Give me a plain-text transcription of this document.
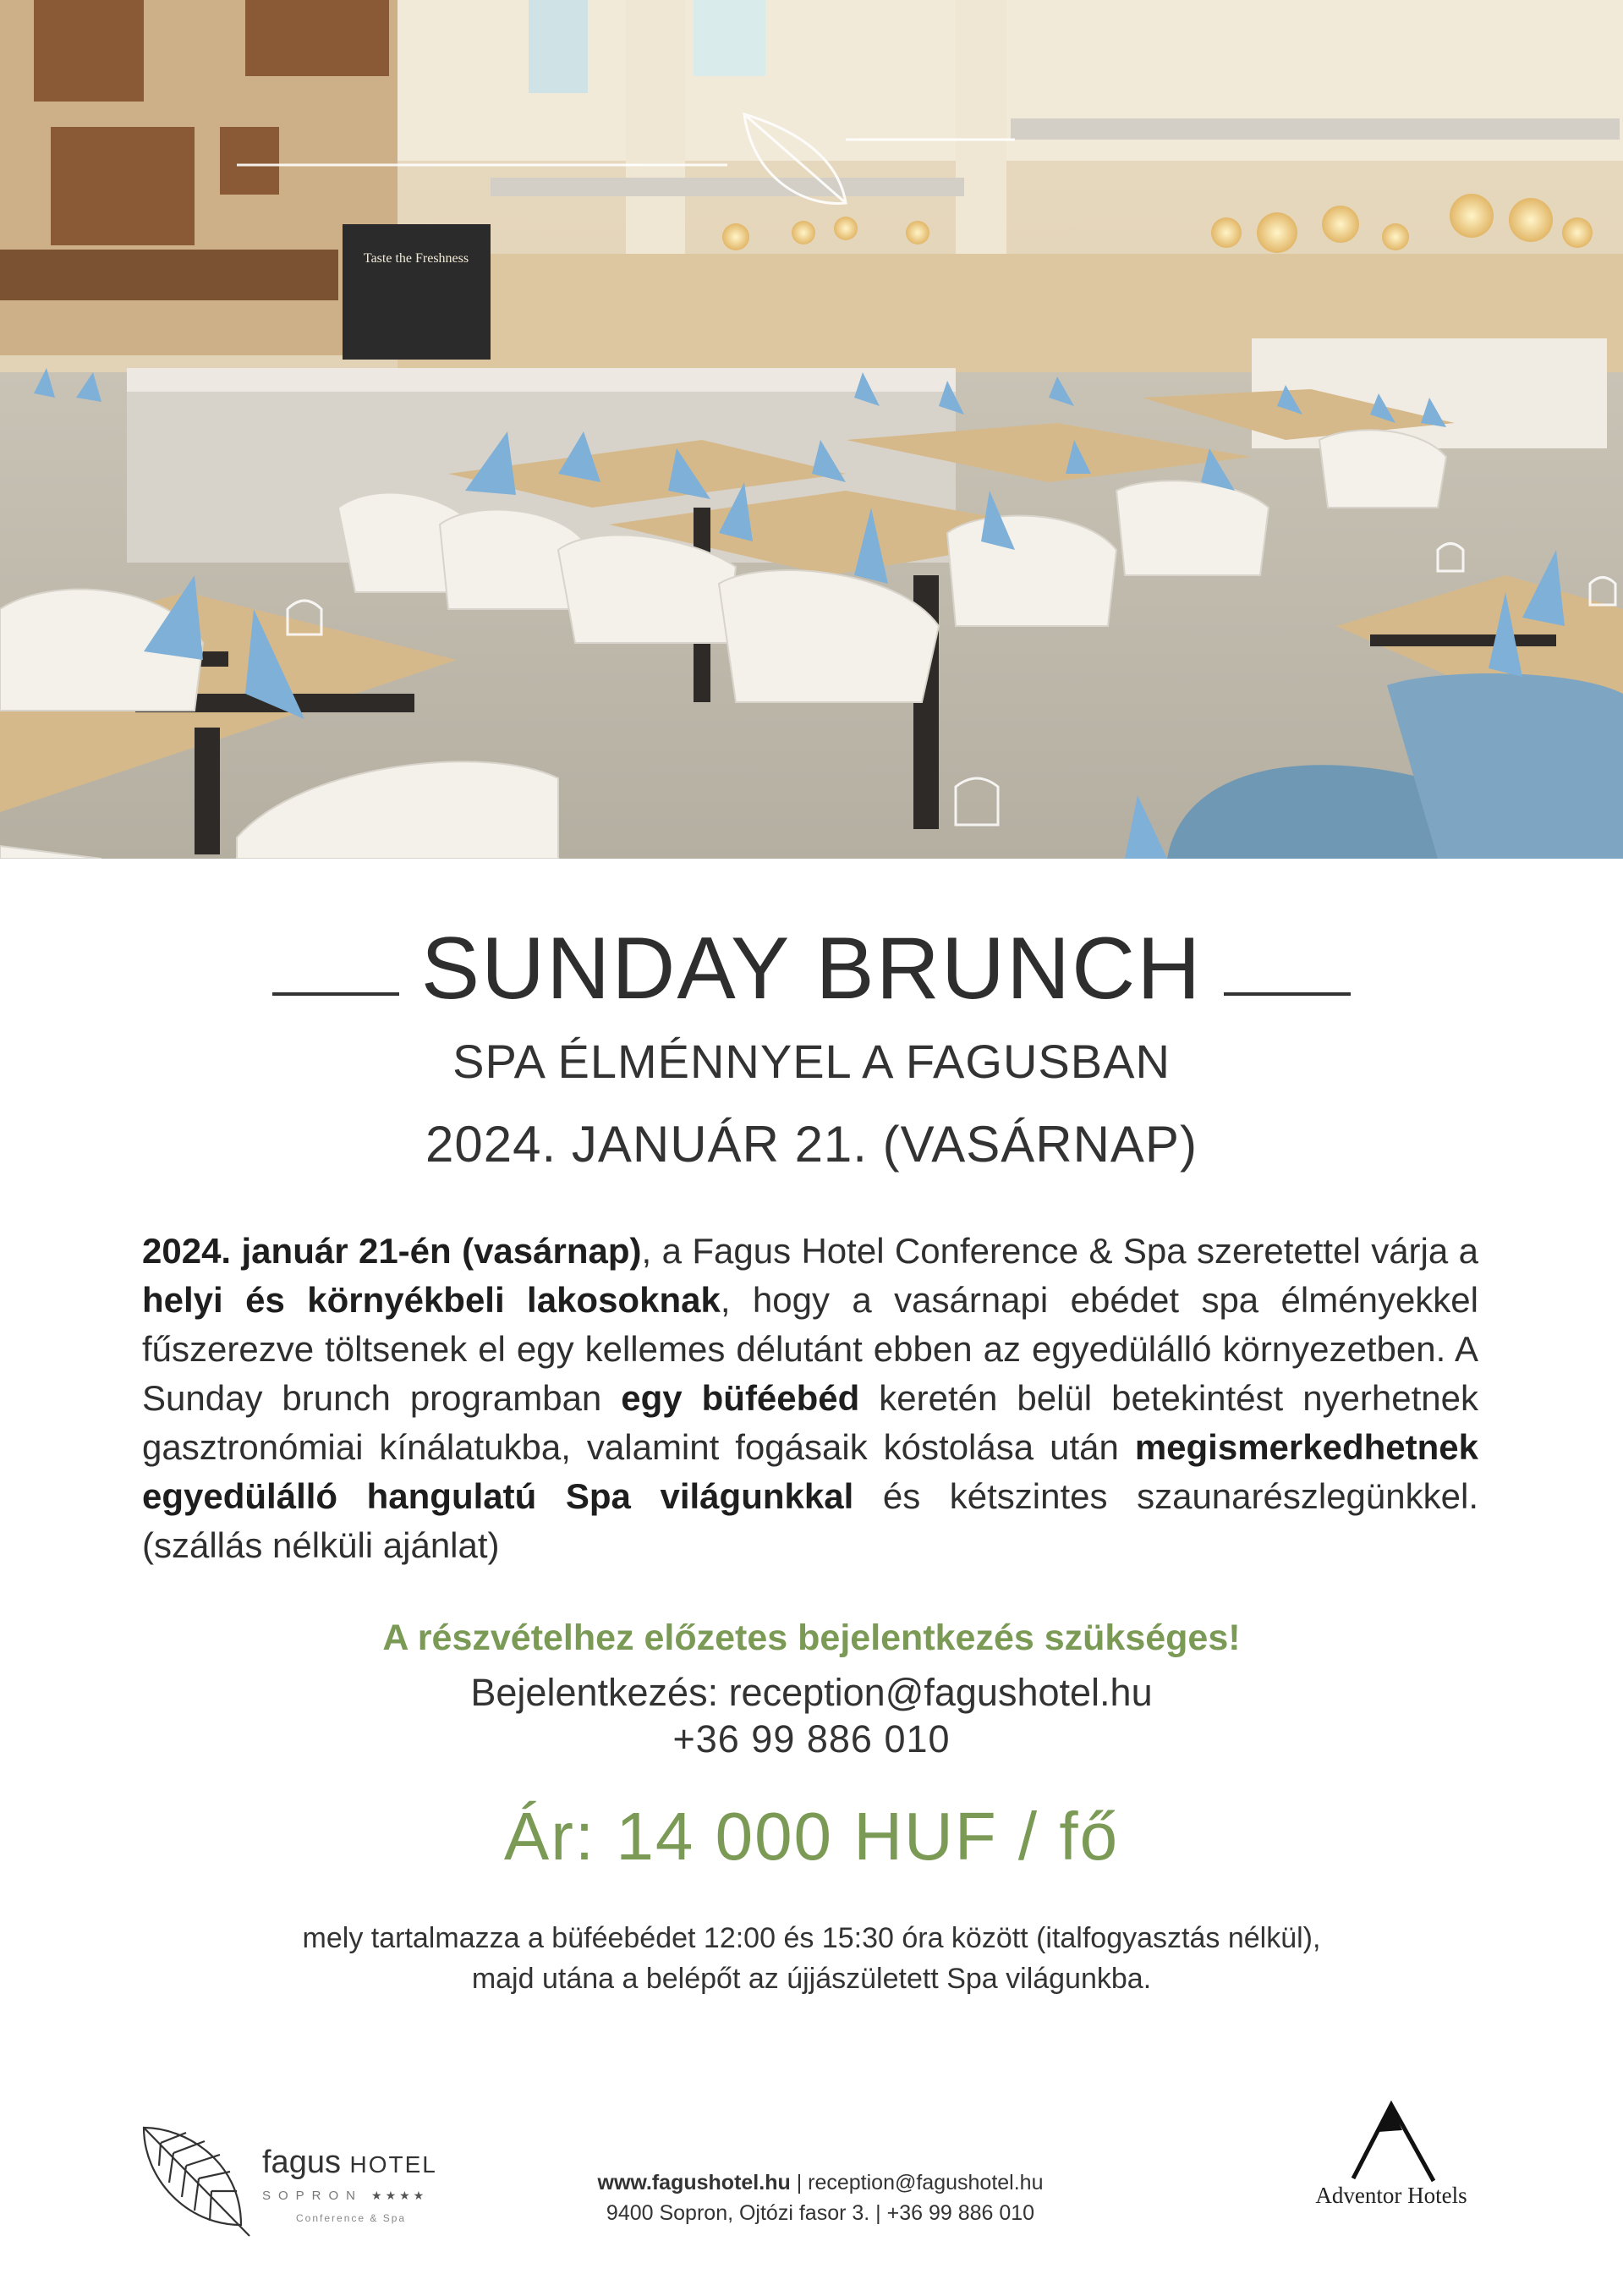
Taste the Freshness
SUNDAY BRUNCH
SPA ÉLMÉNNYEL A FAGUSBAN
2024. JANUÁR 21. (VASÁRNAP)
2024. január 21-én (vasárnap), a Fagus Hotel Conference & Spa szeretettel várja a helyi és környékbeli lakosoknak, hogy a vasárnapi ebédet spa élményekkel fűszerezve töltsenek el egy kellemes délutánt ebben az egyedülálló környezetben. A Sunday brunch programban egy büféebéd keretén belül betekintést nyerhetnek gasztronómiai kínálatukba, valamint fogásaik kóstolása után megismerkedhetnek egyedülálló hangulatú Spa világunkkal és kétszintes szaunarészlegünkkel. (szállás nélküli ajánlat)
A részvételhez előzetes bejelentkezés szükséges!
Bejelentkezés: reception@fagushotel.hu
+36 99 886 010
Ár: 14 000 HUF / fő
mely tartalmazza a büféebédet 12:00 és 15:30 óra között (italfogyasztás nélkül),
majd utána a belépőt az újjászületett Spa világunkba.
fagus HOTEL
SOPRON ★★★★
Conference & Spa
www.fagushotel.hu | reception@fagushotel.hu
9400 Sopron, Ojtózi fasor 3. | +36 99 886 010
Adventor Hotels
